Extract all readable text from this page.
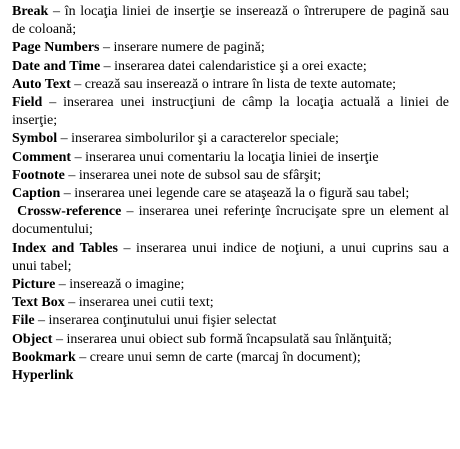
Break – în locaţia liniei de inserţie se inserează o întrerupere de pagină sau de coloană;

Page Numbers – inserare numere de pagină;

Date and Time – inserarea datei calendaristice şi a orei exacte;

Auto Text – crează sau inserează o intrare în lista de texte automate;

Field – inserarea unei instrucţiuni de câmp la locaţia actuală a liniei de inserţie;

Symbol – inserarea simbolurilor şi a caracterelor speciale;

Comment – inserarea unui comentariu la locaţia liniei de inserţie

Footnote – inserarea unei note de subsol sau de sfârşit;

Caption – inserarea unei legende care se ataşează la o figură sau tabel;

Crossw-reference – inserarea unei referinţe încrucişate spre un element al documentului;

Index and Tables – inserarea unui indice de noţiuni, a unui cuprins sau a unui tabel;

Picture – inserează o imagine;

Text Box – inserarea unei cutii text;

File – inserarea conţinutului unui fişier selectat

Object – inserarea unui obiect sub formă încapsulată sau înlănţuită;

Bookmark – creare unui semn de carte (marcaj în document);

Hyperlink
